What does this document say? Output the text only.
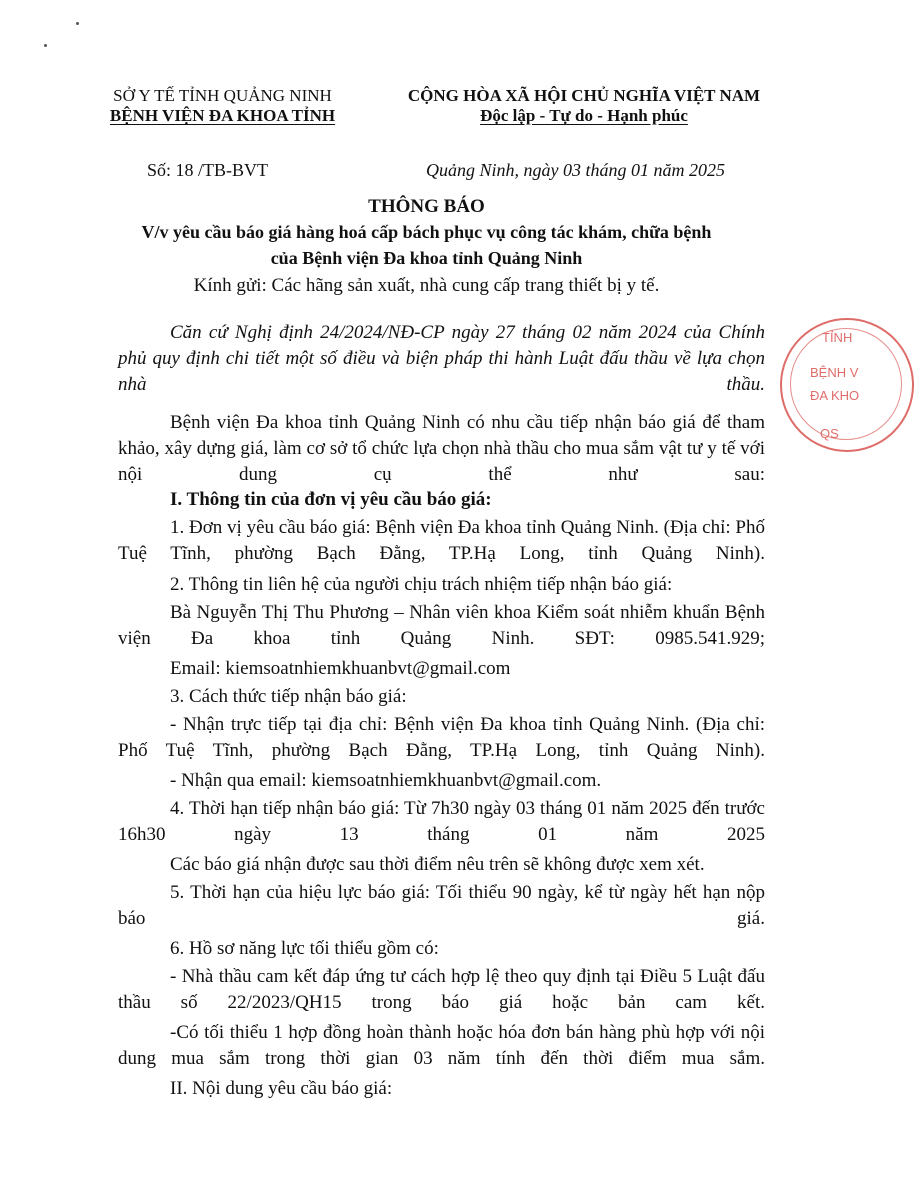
SỞ Y TẾ TỈNH QUẢNG NINH
BỆNH VIỆN ĐA KHOA TỈNH
CỘNG HÒA XÃ HỘI CHỦ NGHĨA VIỆT NAM
Độc lập - Tự do - Hạnh phúc
Số: 18 /TB-BVT	Quảng Ninh, ngày 03 tháng 01 năm 2025
THÔNG BÁO
V/v yêu cầu báo giá hàng hoá cấp bách phục vụ công tác khám, chữa bệnh
của Bệnh viện Đa khoa tỉnh Quảng Ninh
Kính gửi: Các hãng sản xuất, nhà cung cấp trang thiết bị y tế.
TỈNH
BỆNH V
ĐA KHO
QS
Căn cứ Nghị định 24/2024/NĐ-CP ngày 27 tháng 02 năm 2024 của Chính phủ quy định chi tiết một số điều và biện pháp thi hành Luật đấu thầu về lựa chọn nhà thầu.
Bệnh viện Đa khoa tỉnh Quảng Ninh có nhu cầu tiếp nhận báo giá để tham khảo, xây dựng giá, làm cơ sở tổ chức lựa chọn nhà thầu cho mua sắm vật tư y tế với nội dung cụ thể như sau:
I. Thông tin của đơn vị yêu cầu báo giá:
1. Đơn vị yêu cầu báo giá: Bệnh viện Đa khoa tỉnh Quảng Ninh. (Địa chỉ: Phố Tuệ Tĩnh, phường Bạch Đằng, TP.Hạ Long, tỉnh Quảng Ninh).
2. Thông tin liên hệ của người chịu trách nhiệm tiếp nhận báo giá:
Bà Nguyễn Thị Thu Phương – Nhân viên khoa Kiểm soát nhiễm khuẩn Bệnh viện Đa khoa tỉnh Quảng Ninh. SĐT: 0985.541.929;
Email: kiemsoatnhiemkhuanbvt@gmail.com
3. Cách thức tiếp nhận báo giá:
- Nhận trực tiếp tại địa chỉ: Bệnh viện Đa khoa tỉnh Quảng Ninh. (Địa chỉ: Phố Tuệ Tĩnh, phường Bạch Đằng, TP.Hạ Long, tỉnh Quảng Ninh).
- Nhận qua email: kiemsoatnhiemkhuanbvt@gmail.com.
4. Thời hạn tiếp nhận báo giá: Từ 7h30 ngày 03 tháng 01 năm 2025 đến trước 16h30 ngày 13 tháng 01 năm 2025
Các báo giá nhận được sau thời điểm nêu trên sẽ không được xem xét.
5. Thời hạn của hiệu lực báo giá: Tối thiểu 90 ngày, kể từ ngày hết hạn nộp báo giá.
6. Hồ sơ năng lực tối thiểu gồm có:
- Nhà thầu cam kết đáp ứng tư cách hợp lệ theo quy định tại Điều 5 Luật đấu thầu số 22/2023/QH15 trong báo giá hoặc bản cam kết.
-Có tối thiểu 1 hợp đồng hoàn thành hoặc hóa đơn bán hàng phù hợp với nội dung mua sắm trong thời gian 03 năm tính đến thời điểm mua sắm.
II. Nội dung yêu cầu báo giá:
